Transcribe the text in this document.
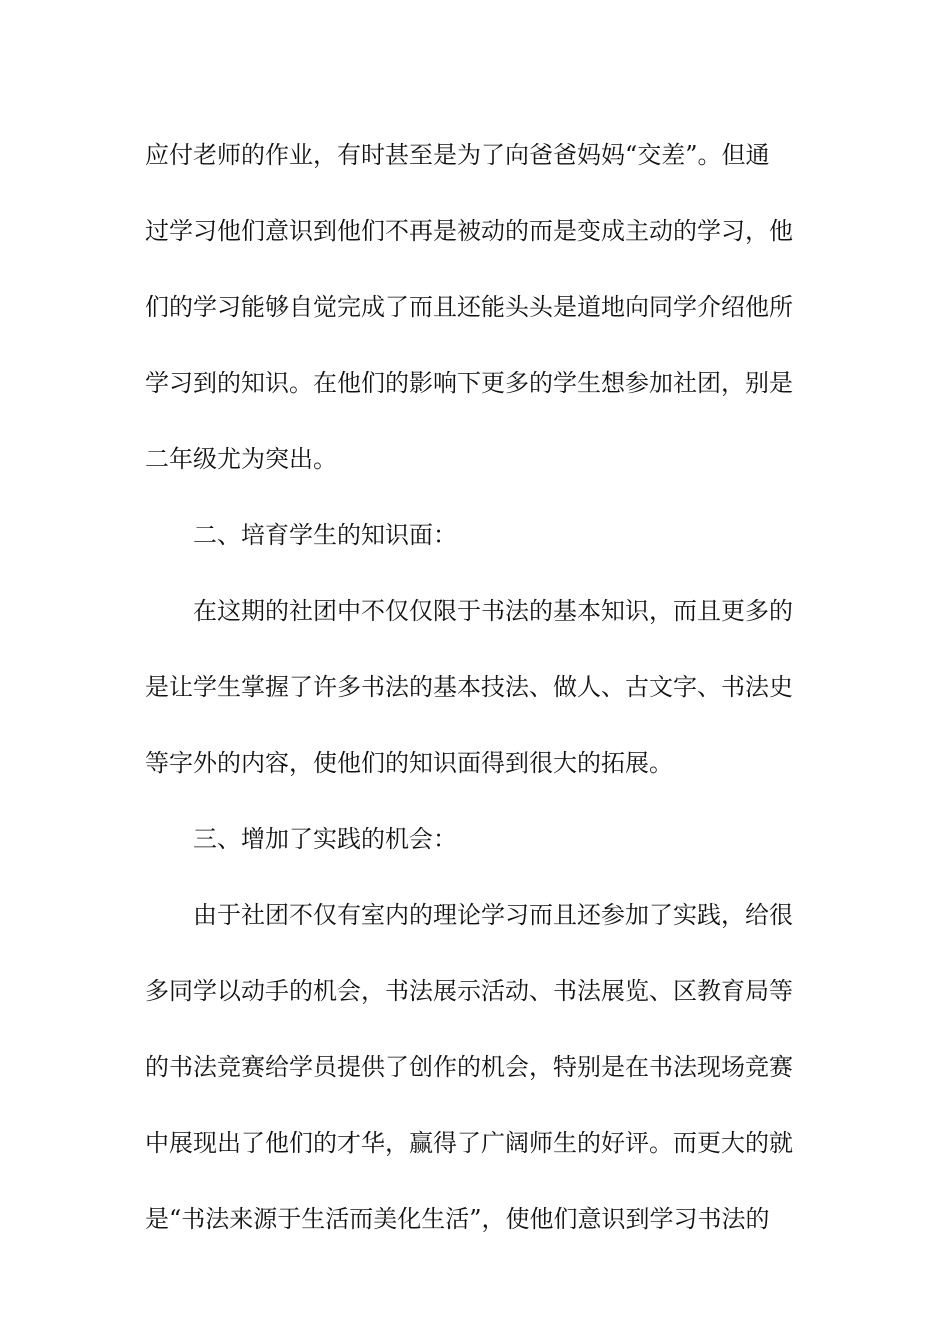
应付老师的作业，有时甚至是为了向爸爸妈妈“交差”。但通
过学习他们意识到他们不再是被动的而是变成主动的学习，他
们的学习能够自觉完成了而且还能头头是道地向同学介绍他所
学习到的知识。在他们的影响下更多的学生想参加社团，别是
二年级尤为突出。
二、培育学生的知识面：
在这期的社团中不仅仅限于书法的基本知识，而且更多的
是让学生掌握了许多书法的基本技法、做人、古文字、书法史
等字外的内容，使他们的知识面得到很大的拓展。
三、增加了实践的机会：
由于社团不仅有室内的理论学习而且还参加了实践，给很
多同学以动手的机会，书法展示活动、书法展览、区教育局等
的书法竞赛给学员提供了创作的机会，特别是在书法现场竞赛
中展现出了他们的才华，赢得了广阔师生的好评。而更大的就
是“书法来源于生活而美化生活”，使他们意识到学习书法的
